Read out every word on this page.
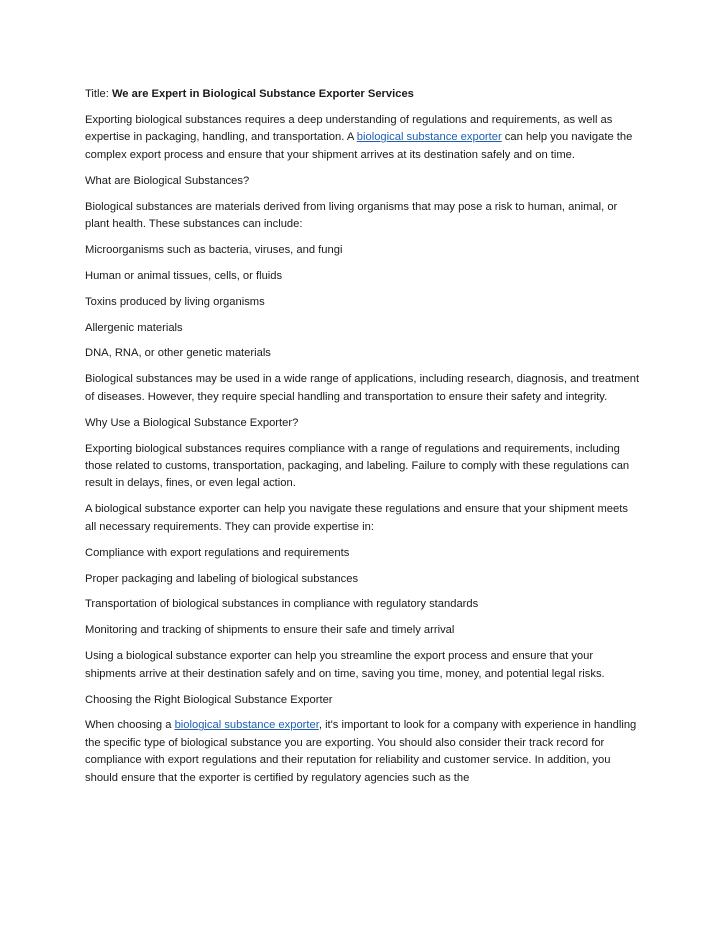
Title: We are Expert in Biological Substance Exporter Services

Exporting biological substances requires a deep understanding of regulations and requirements, as well as expertise in packaging, handling, and transportation. A biological substance exporter can help you navigate the complex export process and ensure that your shipment arrives at its destination safely and on time.

What are Biological Substances?

Biological substances are materials derived from living organisms that may pose a risk to human, animal, or plant health. These substances can include:

Microorganisms such as bacteria, viruses, and fungi

Human or animal tissues, cells, or fluids

Toxins produced by living organisms

Allergenic materials

DNA, RNA, or other genetic materials

Biological substances may be used in a wide range of applications, including research, diagnosis, and treatment of diseases. However, they require special handling and transportation to ensure their safety and integrity.

Why Use a Biological Substance Exporter?

Exporting biological substances requires compliance with a range of regulations and requirements, including those related to customs, transportation, packaging, and labeling. Failure to comply with these regulations can result in delays, fines, or even legal action.

A biological substance exporter can help you navigate these regulations and ensure that your shipment meets all necessary requirements. They can provide expertise in:

Compliance with export regulations and requirements

Proper packaging and labeling of biological substances

Transportation of biological substances in compliance with regulatory standards

Monitoring and tracking of shipments to ensure their safe and timely arrival

Using a biological substance exporter can help you streamline the export process and ensure that your shipments arrive at their destination safely and on time, saving you time, money, and potential legal risks.

Choosing the Right Biological Substance Exporter

When choosing a biological substance exporter, it's important to look for a company with experience in handling the specific type of biological substance you are exporting. You should also consider their track record for compliance with export regulations and their reputation for reliability and customer service. In addition, you should ensure that the exporter is certified by regulatory agencies such as the
